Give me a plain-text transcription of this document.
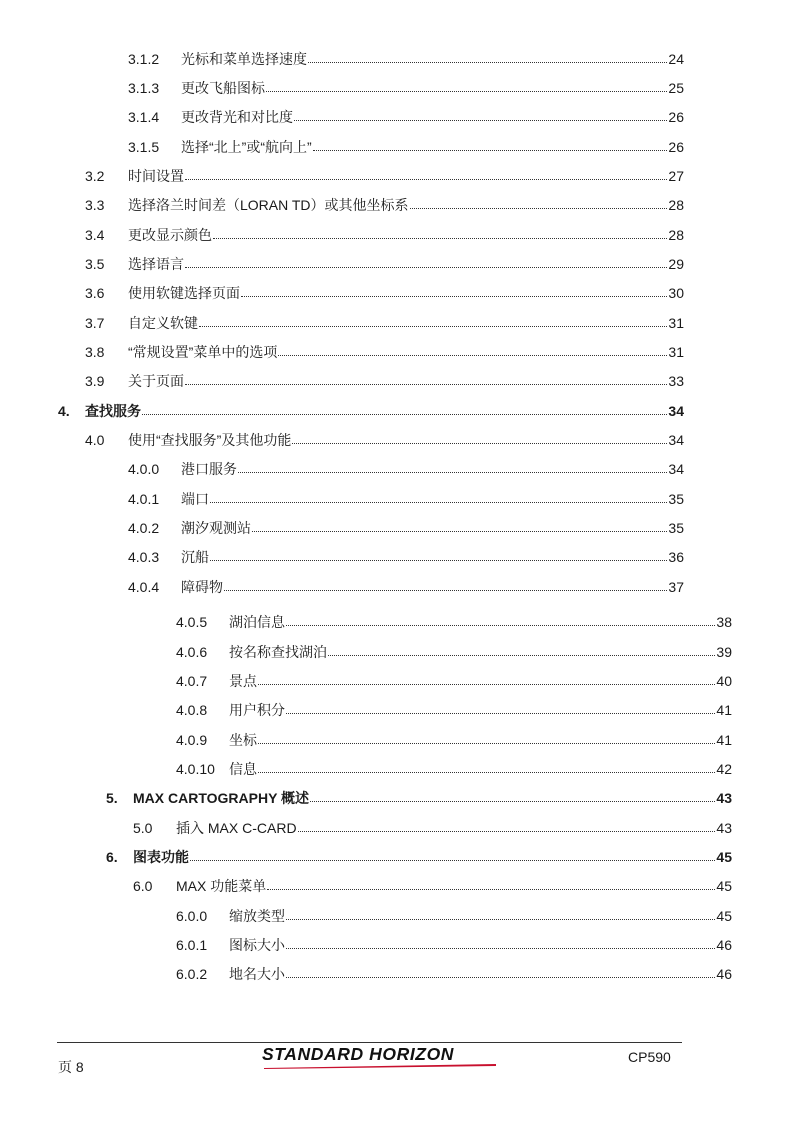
3.1.2	光标和菜单选择速度	24
3.1.3	更改飞船图标	25
3.1.4	更改背光和对比度	26
3.1.5	选择“北上”或“航向上”	26
3.2	时间设置	27
3.3	选择洛兰时间差（LORAN TD）或其他坐标系	28
3.4	更改显示颜色	28
3.5	选择语言	29
3.6	使用软键选择页面	30
3.7	自定义软键	31
3.8	“常规设置”菜单中的选项	31
3.9	关于页面	33
4.	查找服务	34
4.0	使用“查找服务”及其他功能	34
4.0.0	港口服务	34
4.0.1	端口	35
4.0.2	潮汐观测站	35
4.0.3	沉船	36
4.0.4	障碍物	37
4.0.5	湖泊信息	38
4.0.6	按名称查找湖泊	39
4.0.7	景点	40
4.0.8	用户积分	41
4.0.9	坐标	41
4.0.10	信息	42
5.	MAX CARTOGRAPHY 概述	43
5.0	插入 MAX C-CARD	43
6.	图表功能	45
6.0	MAX 功能菜单	45
6.0.0	缩放类型	45
6.0.1	图标大小	46
6.0.2	地名大小	46
页 8
STANDARD HORIZON	CP590
